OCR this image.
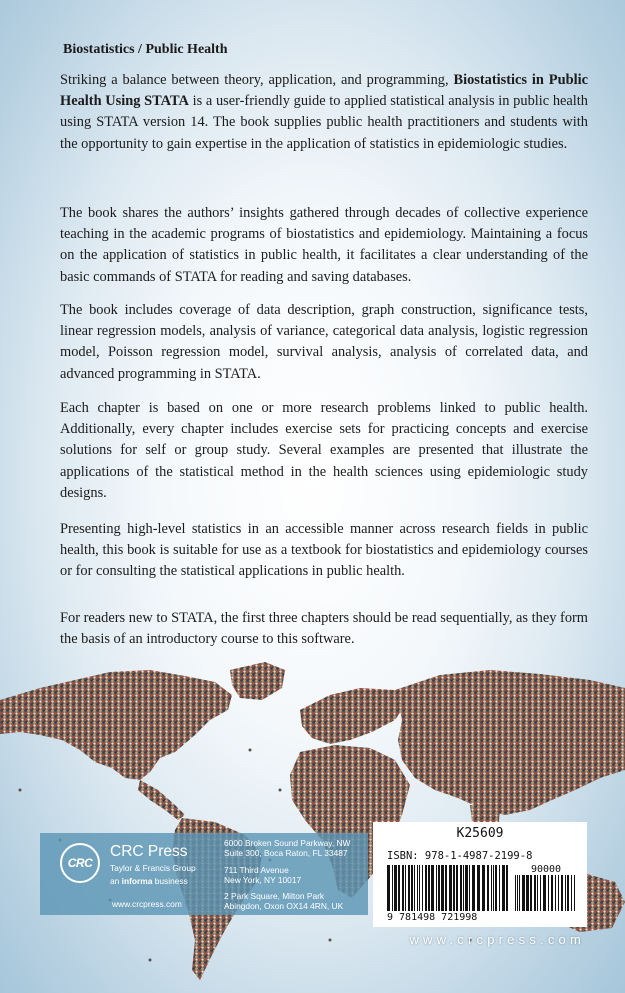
Biostatistics / Public Health

Striking a balance between theory, application, and programming, Biostatistics in Public Health Using STATA is a user-friendly guide to applied statistical analysis in public health using STATA version 14. The book supplies public health practitioners and students with the opportunity to gain expertise in the application of statistics in epidemiologic studies.

The book shares the authors’ insights gathered through decades of collective experience teaching in the academic programs of biostatistics and epidemiology. Maintaining a focus on the application of statistics in public health, it facilitates a clear understanding of the basic commands of STATA for reading and saving databases.

The book includes coverage of data description, graph construction, significance tests, linear regression models, analysis of variance, categorical data analysis, logistic regression model, Poisson regression model, survival analysis, analysis of correlated data, and advanced programming in STATA.

Each chapter is based on one or more research problems linked to public health. Additionally, every chapter includes exercise sets for practicing concepts and exercise solutions for self or group study. Several examples are presented that illustrate the applications of the statistical method in the health sciences using epidemiologic study designs.

Presenting high-level statistics in an accessible manner across research fields in public health, this book is suitable for use as a textbook for biostatistics and epidemiology courses or for consulting the statistical applications in public health.

For readers new to STATA, the first three chapters should be read sequentially, as they form the basis of an introductory course to this software.

CRC
CRC Press
Taylor & Francis Group
an informa business
www.crcpress.com
6000 Broken Sound Parkway, NW
Suite 300, Boca Raton, FL 33487
711 Third Avenue
New York, NY 10017
2 Park Square, Milton Park
Abingdon, Oxon OX14 4RN, UK
K25609
ISBN: 978-1-4987-2199-8
90000
9 781498 721998
www.crcpress.com
